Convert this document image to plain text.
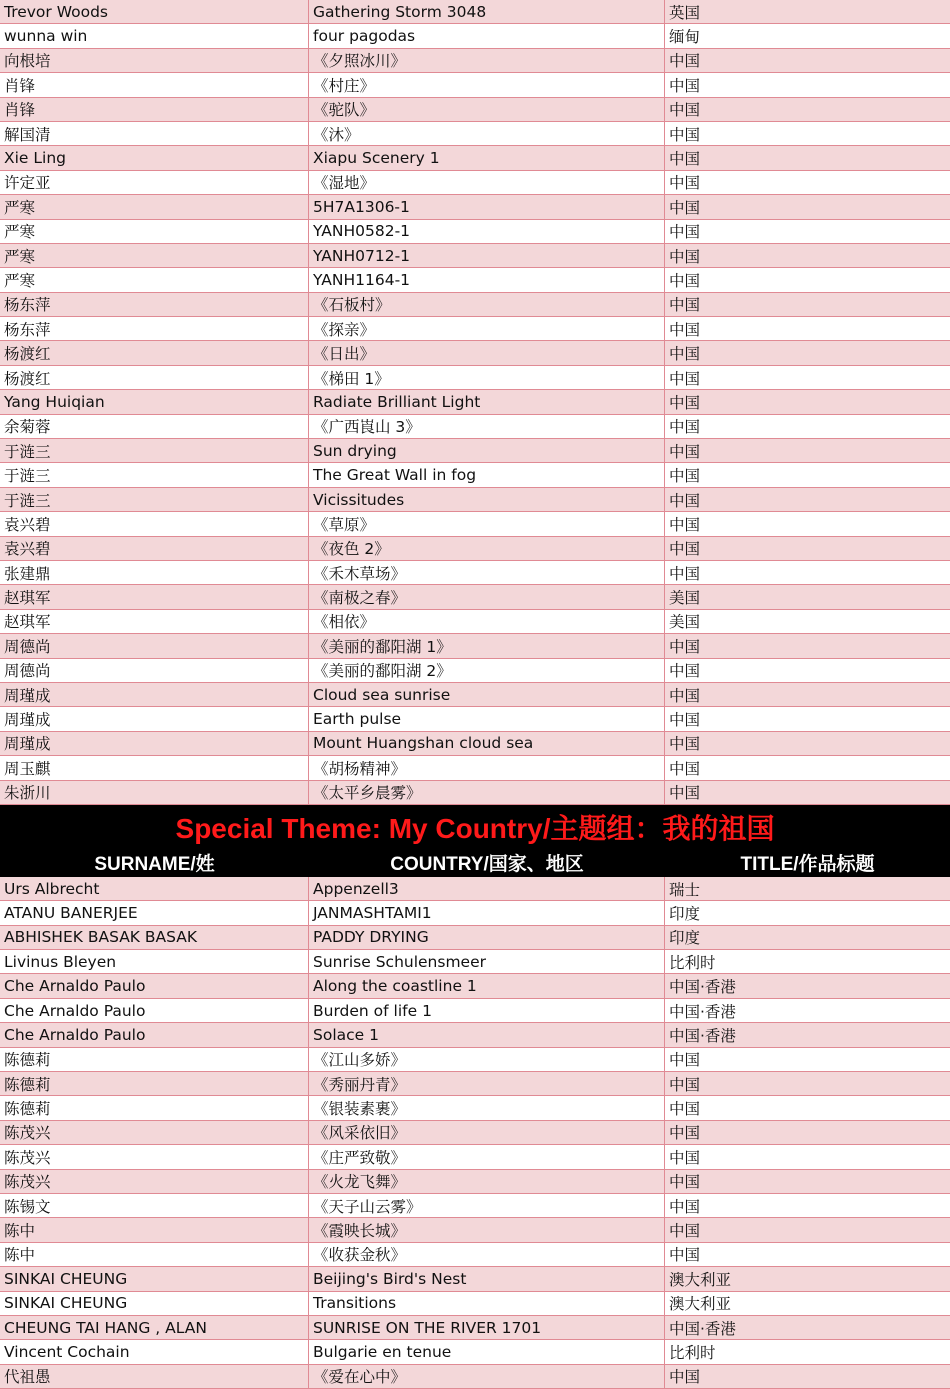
Trevor Woods	Gathering Storm 3048	英国
wunna win	four pagodas	缅甸
向根培	《夕照冰川》	中国
肖锋	《村庄》	中国
肖锋	《驼队》	中国
解国清	《沐》	中国
Xie Ling	Xiapu Scenery 1	中国
许定亚	《湿地》	中国
严寒	5H7A1306-1	中国
严寒	YANH0582-1	中国
严寒	YANH0712-1	中国
严寒	YANH1164-1	中国
杨东萍	《石板村》	中国
杨东萍	《探亲》	中国
杨渡红	《日出》	中国
杨渡红	《梯田 1》	中国
Yang Huiqian	Radiate Brilliant Light	中国
余菊蓉	《广西崀山 3》	中国
于涟三	Sun drying	中国
于涟三	The Great Wall in fog	中国
于涟三	Vicissitudes	中国
袁兴碧	《草原》	中国
袁兴碧	《夜色 2》	中国
张建鼎	《禾木草场》	中国
赵琪军	《南极之春》	美国
赵琪军	《相依》	美国
周德尚	《美丽的鄱阳湖 1》	中国
周德尚	《美丽的鄱阳湖 2》	中国
周瑾成	Cloud sea sunrise	中国
周瑾成	Earth pulse	中国
周瑾成	Mount Huangshan cloud sea	中国
周玉麒	《胡杨精神》	中国
朱浙川	《太平乡晨雾》	中国
Special Theme: My Country/主题组：我的祖国
SURNAME/姓	COUNTRY/国家、地区	TITLE/作品标题
Urs Albrecht	Appenzell3	瑞士
ATANU BANERJEE	JANMASHTAMI1	印度
ABHISHEK BASAK BASAK	PADDY DRYING	印度
Livinus Bleyen	Sunrise Schulensmeer	比利时
Che Arnaldo Paulo	Along the coastline 1	中国·香港
Che Arnaldo Paulo	Burden of life 1	中国·香港
Che Arnaldo Paulo	Solace 1	中国·香港
陈德莉	《江山多娇》	中国
陈德莉	《秀丽丹青》	中国
陈德莉	《银装素裹》	中国
陈茂兴	《风采依旧》	中国
陈茂兴	《庄严致敬》	中国
陈茂兴	《火龙飞舞》	中国
陈锡文	《天子山云雾》	中国
陈中	《霞映长城》	中国
陈中	《收获金秋》	中国
SINKAI CHEUNG	Beijing's Bird's Nest	澳大利亚
SINKAI CHEUNG	Transitions	澳大利亚
CHEUNG TAI HANG , ALAN	SUNRISE ON THE RIVER 1701	中国·香港
Vincent Cochain	Bulgarie en tenue	比利时
代祖愚	《爱在心中》	中国
